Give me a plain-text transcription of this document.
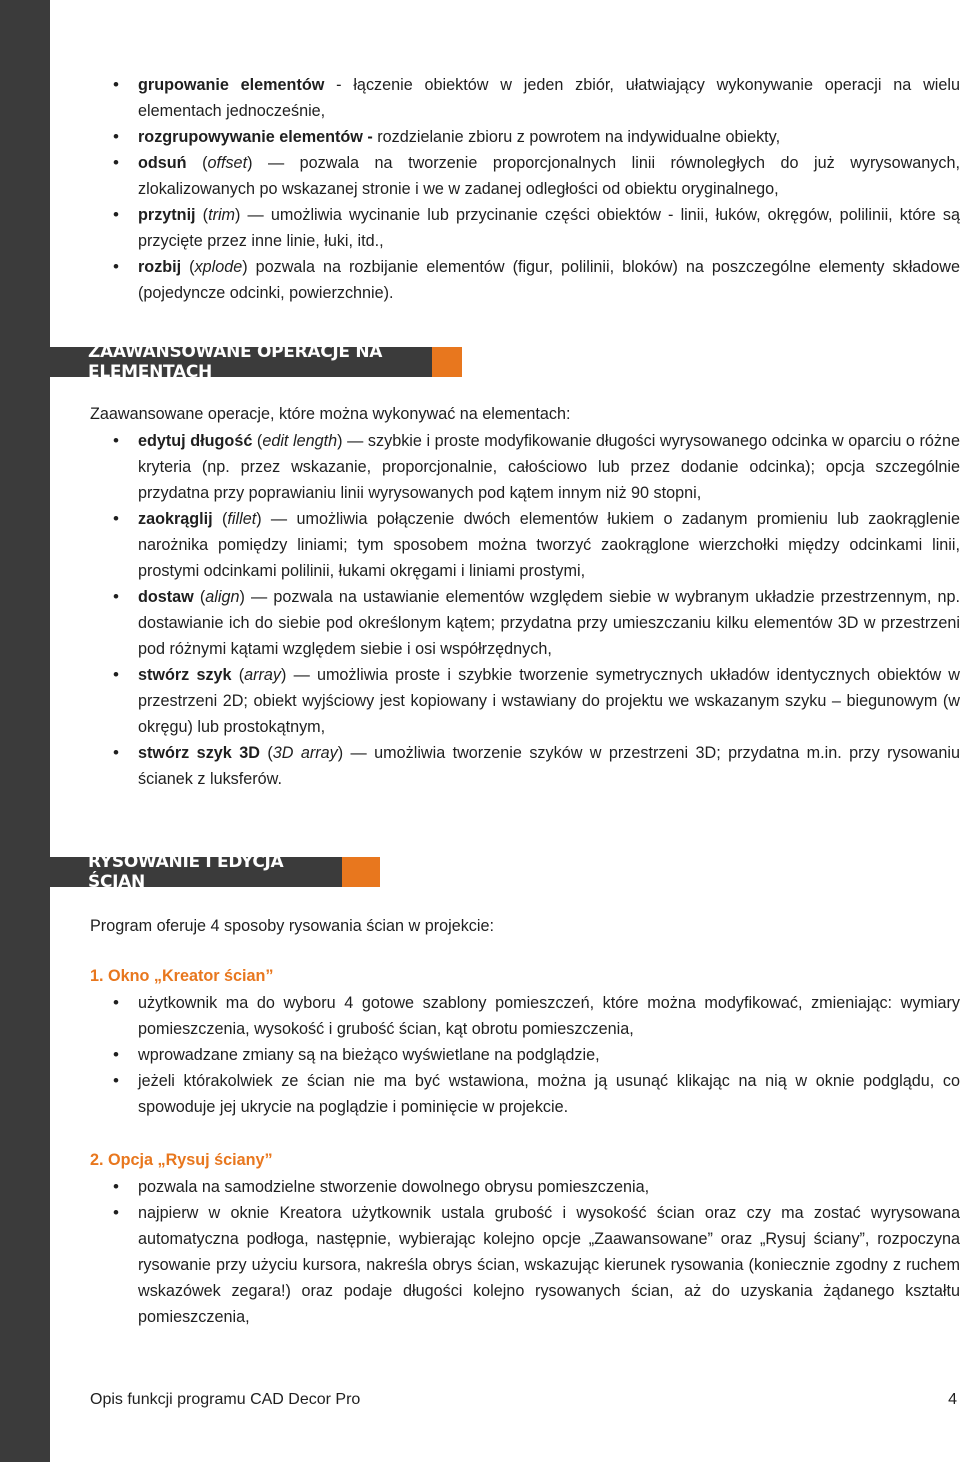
• grupowanie elementów - łączenie obiektów w jeden zbiór, ułatwiający wykonywanie operacji na wielu elementach jednocześnie,
• rozgrupowywanie elementów - rozdzielanie zbioru z powrotem na indywidualne obiekty,
• odsuń (offset) ― pozwala na tworzenie proporcjonalnych linii równoległych do już wyrysowanych, zlokalizowanych po wskazanej stronie i we w zadanej odległości od obiektu oryginalnego,
• przytnij (trim) ― umożliwia wycinanie lub przycinanie części obiektów - linii, łuków, okręgów, polilinii, które są przycięte przez inne linie, łuki, itd.,
• rozbij (xplode) pozwala na rozbijanie elementów (figur, polilinii, bloków) na poszczególne elementy składowe (pojedyncze odcinki, powierzchnie).
ZAAWANSOWANE OPERACJE NA ELEMENTACH
Zaawansowane operacje, które można wykonywać na elementach:
• edytuj długość (edit length) ― szybkie i proste modyfikowanie długości wyrysowanego odcinka w oparciu o różne kryteria (np. przez wskazanie, proporcjonalnie, całościowo lub przez dodanie odcinka); opcja szczególnie przydatna przy poprawianiu linii wyrysowanych pod kątem innym niż 90 stopni,
• zaokrąglij (fillet) ― umożliwia połączenie dwóch elementów łukiem o zadanym promieniu lub zaokrąglenie narożnika pomiędzy liniami; tym sposobem można tworzyć zaokrąglone wierzchołki między odcinkami linii, prostymi odcinkami polilinii, łukami okręgami i liniami prostymi,
• dostaw (align) ― pozwala na ustawianie elementów względem siebie w wybranym układzie przestrzennym, np. dostawianie ich do siebie pod określonym kątem; przydatna przy umieszczaniu kilku elementów 3D w przestrzeni pod różnymi kątami względem siebie i osi współrzędnych,
• stwórz szyk (array) ― umożliwia proste i szybkie tworzenie symetrycznych układów identycznych obiektów w przestrzeni 2D; obiekt wyjściowy jest kopiowany i wstawiany do projektu we wskazanym szyku – biegunowym (w okręgu) lub prostokątnym,
• stwórz szyk 3D (3D array) ― umożliwia tworzenie szyków w przestrzeni 3D; przydatna m.in. przy rysowaniu ścianek z luksferów.
RYSOWANIE I EDYCJA ŚCIAN
Program oferuje 4 sposoby rysowania ścian w projekcie:
1. Okno „Kreator ścian”
• użytkownik ma do wyboru 4 gotowe szablony pomieszczeń, które można modyfikować, zmieniając: wymiary pomieszczenia, wysokość i grubość ścian, kąt obrotu pomieszczenia,
• wprowadzane zmiany są na bieżąco wyświetlane na podglądzie,
• jeżeli którakolwiek ze ścian nie ma być wstawiona, można ją usunąć klikając na nią w oknie podglądu, co spowoduje jej ukrycie na poglądzie i pominięcie w projekcie.
2. Opcja „Rysuj ściany”
• pozwala na samodzielne stworzenie dowolnego obrysu pomieszczenia,
• najpierw w oknie Kreatora użytkownik ustala grubość i wysokość ścian oraz czy ma zostać wyrysowana automatyczna podłoga, następnie, wybierając kolejno opcje „Zaawansowane” oraz „Rysuj ściany”, rozpoczyna rysowanie przy użyciu kursora, nakreśla obrys ścian, wskazując kierunek rysowania (koniecznie zgodny z ruchem wskazówek zegara!) oraz podaje długości kolejno rysowanych ścian, aż do uzyskania żądanego kształtu pomieszczenia,
Opis funkcji programu CAD Decor Pro	4
